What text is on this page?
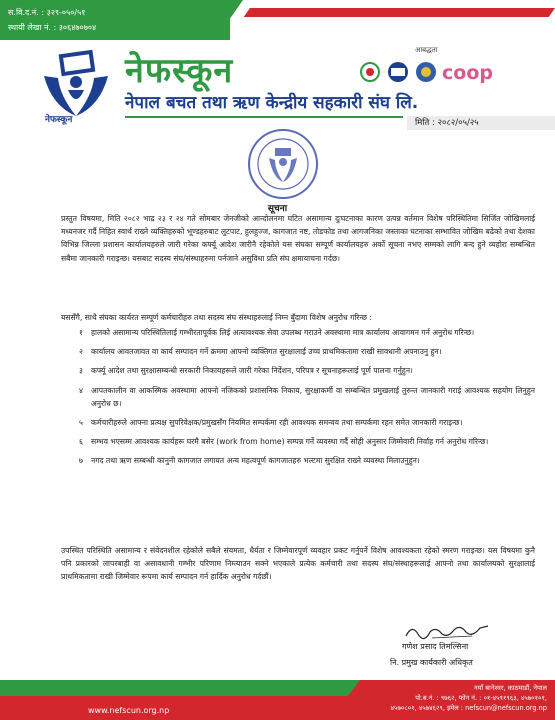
स.वि.द.नं. : ३२९-०५०/५१
स्थायी लेखा नं. : ३०६४७०७०४
नेफस्कून
नेफस्कून
नेपाल बचत तथा ऋण केन्द्रीय सहकारी संघ लि.
आबद्धता
coop
मिति : २०८२/०५/२५
सूचना
प्रस्तुत विषयमा, मिति २०८२ भाद्र २३ र २४ गते सोमबार जेनजीको आन्दोलनमा घटित असामान्य दुःघटनाका कारण उत्पन्न वर्तमान विशेष परिस्थितिमा सिर्जित जोखिमलाई मध्यनजर गर्दै निहित स्वार्थ राख्ने व्यक्तिहरुको भूण्डहरुबाट लुटपाट, हुलहुज्ज, कागजात नष्ट, तोडफोड तथा आगजनिका जस्ताका घटनाका सम्भावित जोखिम बढेको तथा देशका विभिन्न जिल्ला प्रशासन कार्यालयहरुले जारी गरेका कर्फ्यू आदेश जारीनै रहेकोले यस संघका सम्पूर्ण कार्यालयहरु अर्को सूचना नभए सम्मको लागि बन्द हुने व्यहोरा सम्बन्धित सबैमा जानकारी गराइन्छ। यसबाट सदस्य संघ/संस्थाहरुमा पर्नजाने असुविधा प्रति संघ क्षमायाचना गर्दछ।
यससँगै, साथै संघका कार्यरत सम्पूर्ण कर्मचारीहरु तथा सदस्य संघ संस्थाहरुलाई निम्न बुँदामा विशेष अनुरोध गरिन्छ :
१ हालको असामान्य परिस्थितिलाई गम्भीरतापूर्वक लिई अत्यावश्यक सेवा उपलब्ध गराउने अवस्थामा मात्र कार्यालय आवागमन गर्न अनुरोध गरिन्छ।
२ कार्यालय आवतजावत वा कार्य सम्पादन गर्ने क्रममा आफ्नो व्यक्तिगत सुरक्षालाई उच्च प्राथमिकतामा राखी सावधानी अपनाउनु हुन।
३ कर्फ्यू आदेश तथा सुरक्षासम्बन्धी सरकारी निकायहरूले जारी गरेका निर्देशन, परिपत्र र सूचनाहरूलाई पूर्ण पालना गर्नुहुन।
४ आपतकालीन वा आकस्मिक अवस्थामा आफ्नो नजिकको प्रशासनिक निकाय, सुरक्षाकर्मी वा सम्बन्धित प्रमुखलाई तुरुन्त जानकारी गराई आवश्यक सहयोग लिनुहुन अनुरोध छ।
५ कर्मचारीहरुले आफ्ना प्रत्यक्ष सुपरिवेक्षक/प्रमुखसँग नियमित सम्पर्कमा रही आवश्यक समन्वय तथा सम्पर्कमा रहन समेत जानकारी गराइन्छ।
६ सम्भव भएसम्म आवश्यक कार्यहरू घरमै बसेर (work from home) सम्पन्न गर्ने व्यवस्था गर्दै सोही अनुसार जिम्मेवारी निर्वाह गर्न अनुरोध गरिन्छ।
७ नगद तथा ऋण सम्बन्धी कानुनी कागजात लगायत अन्य महत्वपूर्ण कागजातहरु भल्टमा सुरक्षित राख्ने व्यवस्था मिलाउनुहुन।
उपस्थित परिस्थिति असामान्य र संवेदनशील रहेकोले सबैले संयमता, धैर्यता र जिम्मेवारपूर्ण व्यवहार प्रकट गर्नुपर्ने विशेष आवश्यकता रहेको स्मरण गराइन्छ। यस विषयमा कुनै पनि प्रकारको लापरबाही वा असावधानी गम्भीर परिणाम निम्त्याउन सक्ने भएकाले प्रत्येक कर्मचारी तथा सदस्य संघ/संस्थाहरूलाई आफ्नो तथा कार्यालयको सुरक्षालाई प्राथमिकतामा राखी जिम्मेवार रूपमा कार्य सम्पादन गर्न हार्दिक अनुरोध गर्दछौं।
गणेश प्रसाद तिमल्सिना
नि. प्रमुख कार्यकारी अधिकृत
www.nefscun.org.np
नयाँ बानेश्वर, काठमाडौं, नेपाल
पो.ब.नं. : ९७६२, फोन नं. : ०१-४५९१९६३, ४५७०१०१,
४५७०८०१, ४५७४६२९, इमेल : nefscun@nefscun.org.np
